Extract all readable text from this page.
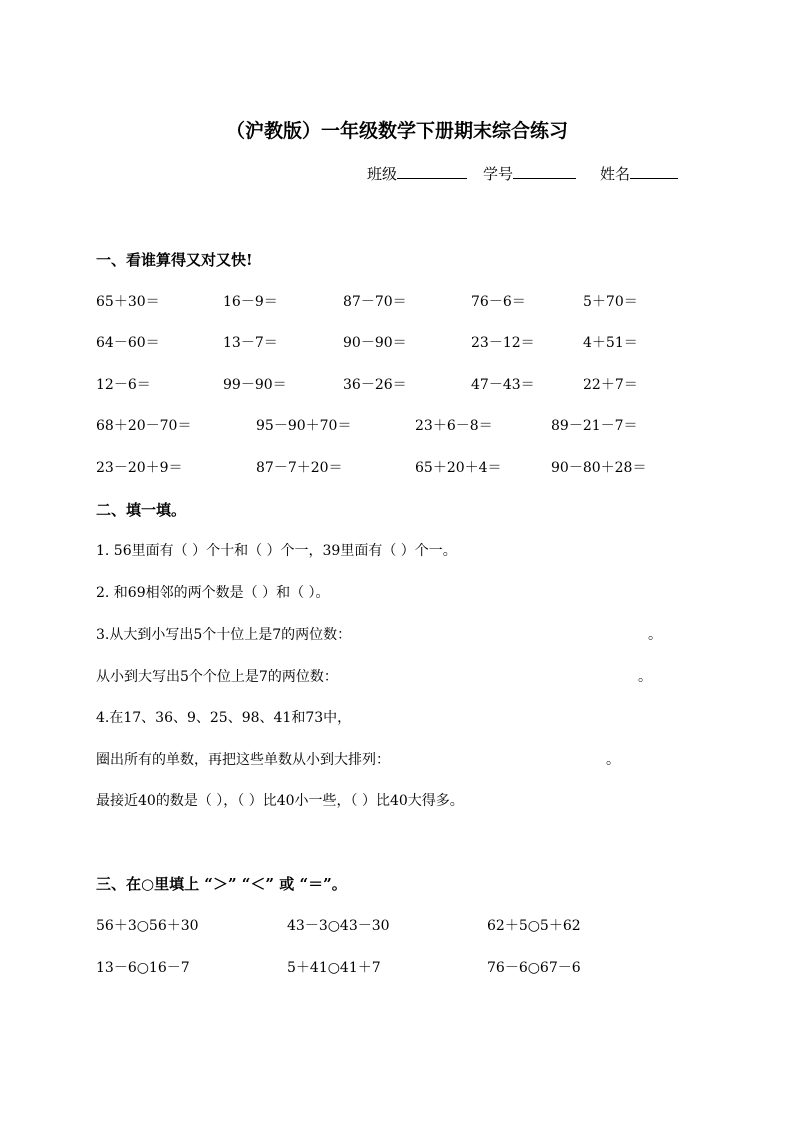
（沪教版）一年级数学下册期末综合练习
班级	学号	姓名
一、看谁算得又对又快!
65＋30＝	16－9＝	87－70＝	76－6＝	5＋70＝
64－60＝	13－7＝	90－90＝	23－12＝	4＋51＝
12－6＝	99－90＝	36－26＝	47－43＝	22＋7＝
68＋20－70＝	95－90＋70＝	23＋6－8＝	89－21－7＝
23－20＋9＝	87－7＋20＝	65＋20＋4＝	90－80＋28＝
二、填一填。
1. 56里面有（ ）个十和（ ）个一，39里面有（ ）个一。
2. 和69相邻的两个数是（ ）和（ ）。
3.从大到小写出5个十位上是7的两位数：	。
从小到大写出5个个位上是7的两位数：	。
4.在17、36、9、25、98、41和73中，
圈出所有的单数，再把这些单数从小到大排列：	。
最接近40的数是（ ），（ ）比40小一些，（ ）比40大得多。
三、在○里填上 “＞” “＜” 或 “＝”。
56＋3○56＋30	43－3○43－30	62＋5○5＋62
13－6○16－7	5＋41○41＋7	76－6○67－6
